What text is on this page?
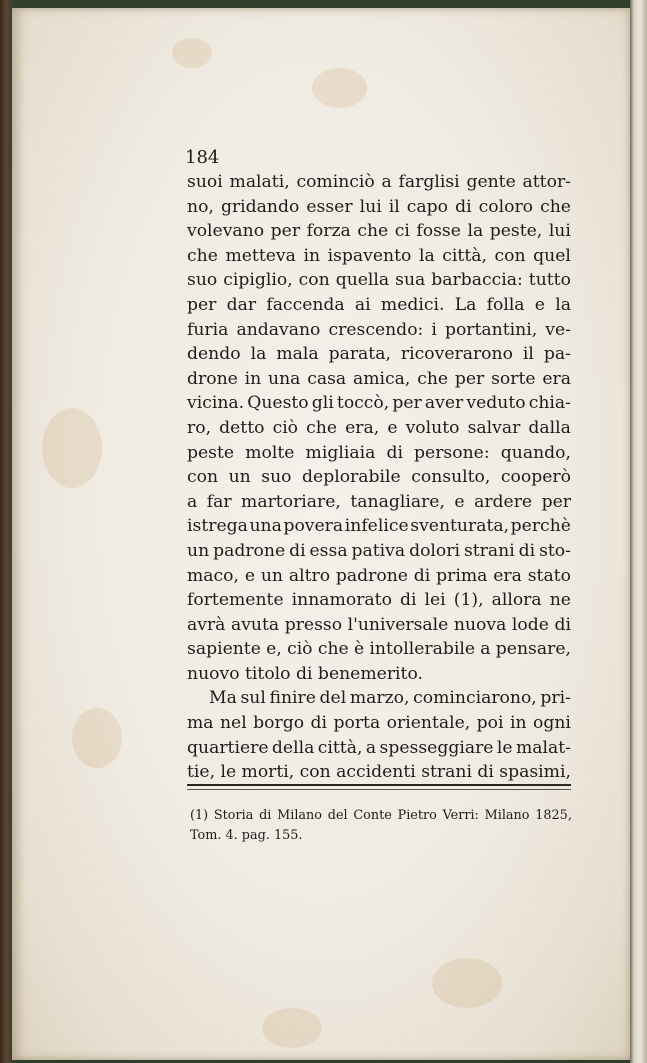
184
suoi malati, cominciò a farglisi gente attor-
no, gridando esser lui il capo di coloro che
volevano per forza che ci fosse la peste, lui
che metteva in ispavento la città, con quel
suo cipiglio, con quella sua barbaccia: tutto
per dar faccenda ai medici. La folla e la
furia andavano crescendo: i portantini, ve-
dendo la mala parata, ricoverarono il pa-
drone in una casa amica, che per sorte era
vicina. Questo gli toccò, per aver veduto chia-
ro, detto ciò che era, e voluto salvar dalla
peste molte migliaia di persone: quando,
con un suo deplorabile consulto, cooperò
a far martoriare, tanagliare, e ardere per
istrega una povera infelice sventurata, perchè
un padrone di essa pativa dolori strani di sto-
maco, e un altro padrone di prima era stato
fortemente innamorato di lei (1), allora ne
avrà avuta presso l'universale nuova lode di
sapiente e, ciò che è intollerabile a pensare,
nuovo titolo di benemerito.
Ma sul finire del marzo, cominciarono, pri-
ma nel borgo di porta orientale, poi in ogni
quartiere della città, a spesseggiare le malat-
tie, le morti, con accidenti strani di spasimi,
(1) Storia di Milano del Conte Pietro Verri: Milano 1825,
Tom. 4. pag. 155.
